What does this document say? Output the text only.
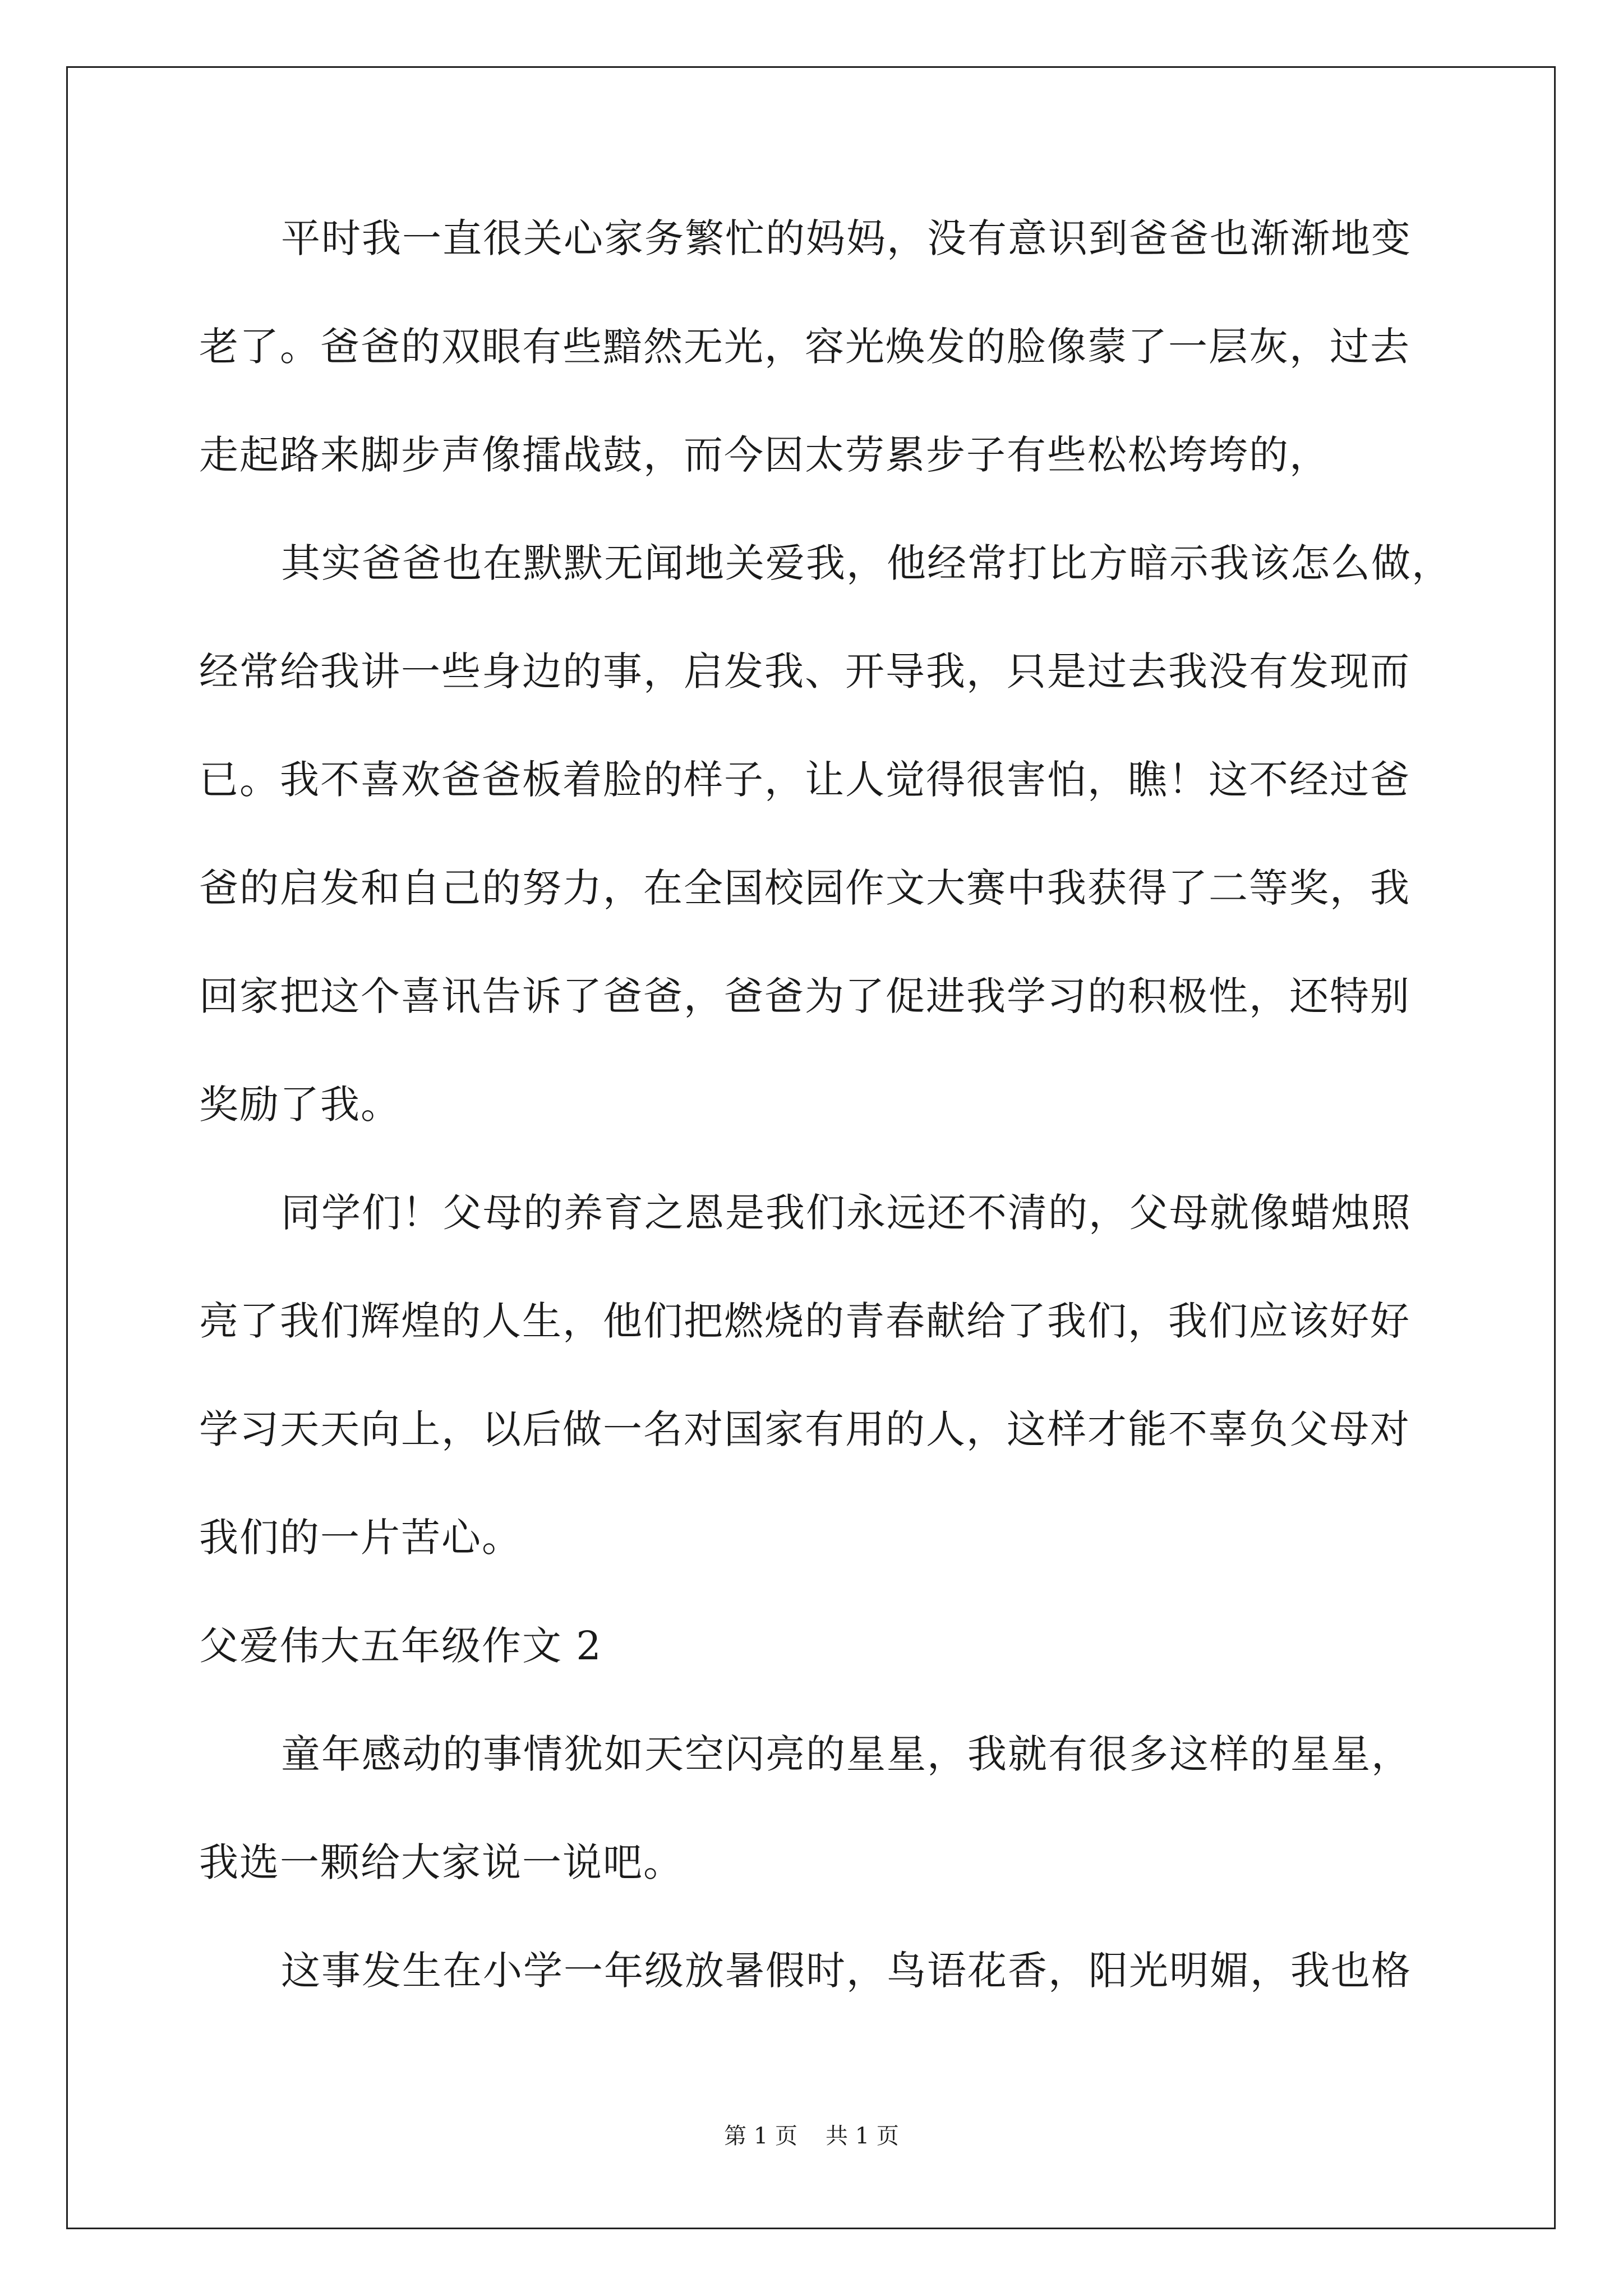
平时我一直很关心家务繁忙的妈妈，没有意识到爸爸也渐渐地变
老了。爸爸的双眼有些黯然无光，容光焕发的脸像蒙了一层灰，过去
走起路来脚步声像擂战鼓，而今因太劳累步子有些松松垮垮的，
其实爸爸也在默默无闻地关爱我，他经常打比方暗示我该怎么做，
经常给我讲一些身边的事，启发我、开导我，只是过去我没有发现而
已。我不喜欢爸爸板着脸的样子，让人觉得很害怕，瞧！这不经过爸
爸的启发和自己的努力，在全国校园作文大赛中我获得了二等奖，我
回家把这个喜讯告诉了爸爸，爸爸为了促进我学习的积极性，还特别
奖励了我。
同学们！父母的养育之恩是我们永远还不清的，父母就像蜡烛照
亮了我们辉煌的人生，他们把燃烧的青春献给了我们，我们应该好好
学习天天向上，以后做一名对国家有用的人，这样才能不辜负父母对
我们的一片苦心。
父爱伟大五年级作文 2
童年感动的事情犹如天空闪亮的星星，我就有很多这样的星星，
我选一颗给大家说一说吧。
这事发生在小学一年级放暑假时，鸟语花香，阳光明媚，我也格
第 1 页 共 1 页
